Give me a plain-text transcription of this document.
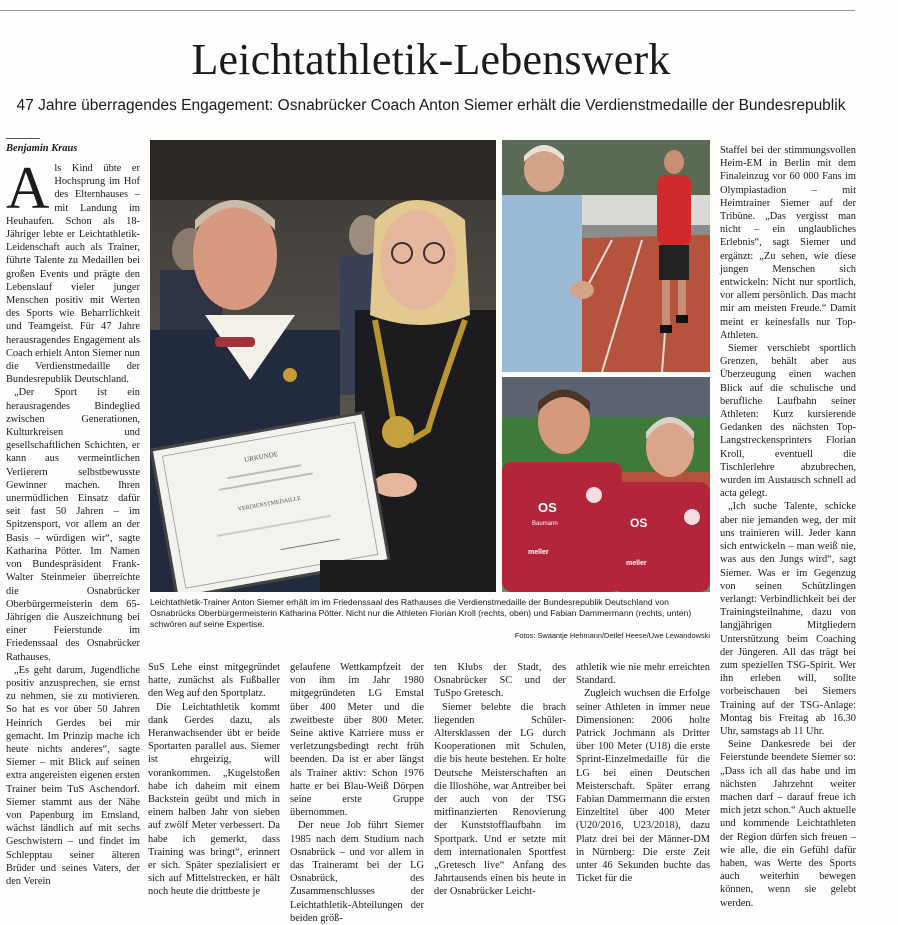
Leichtathletik-Lebenswerk

47 Jahre überragendes Engagement: Osnabrücker Coach Anton Siemer erhält die Verdienstmedaille der Bundesrepublik

Benjamin Kraus

Als Kind übte er Hochsprung im Hof des Elternhauses – mit Landung im Heuhaufen. Schon als 18-Jähriger lebte er Leichtathletik-Leidenschaft auch als Trainer, führte Talente zu Medaillen bei großen Events und prägte den Lebenslauf vieler junger Menschen positiv mit Werten des Sports wie Beharrlichkeit und Teamgeist. Für 47 Jahre herausragendes Engagement als Coach erhielt Anton Siemer nun die Verdienstmedaille der Bundesrepublik Deutschland.

„Der Sport ist ein herausragendes Bindeglied zwischen Generationen, Kulturkreisen und gesellschaftlichen Schichten, er kann aus vermeintlichen Verlierern selbstbewusste Gewinner machen. Ihren unermüdlichen Einsatz dafür seit fast 50 Jahren – im Spitzensport, vor allem an der Basis – würdigen wir“, sagte Katharina Pötter. Im Namen von Bundespräsident Frank-Walter Steinmeier überreichte die Osnabrücker Oberbürgermeisterin dem 65-Jährigen die Auszeichnung bei einer Feierstunde im Friedenssaal des Osnabrücker Rathauses.

„Es geht darum, Jugendliche positiv anzusprechen, sie ernst zu nehmen, sie zu motivieren. So hat es vor über 50 Jahren Heinrich Gerdes bei mir gemacht. Im Prinzip mache ich heute nichts anderes“, sagte Siemer – mit Blick auf seinen extra angereisten eigenen ersten Trainer beim TuS Aschendorf. Siemer stammt aus der Nähe von Papenburg im Emsland, wächst ländlich auf mit sechs Geschwistern – und findet im Schlepptau seiner älteren Brüder und seines Vaters, der den Verein

URKUNDE
VERDIENSTMEDAILLE	OS
Baumann
meller
OS
meller
Leichtathletik-Trainer Anton Siemer erhält im im Friedenssaal des Rathauses die Verdienstmedaille der Bundesrepublik Deutschland von Osnabrücks Oberbürgermeisterin Katharina Pötter. Nicht nur die Athleten Florian Kroll (rechts, oben) und Fabian Dammermann (rechts, unten) schwören auf seine Expertise.
Fotos: Swaantje Hehmann/Detlef Heese/Uwe Lewandowski

SuS Lehe einst mitgegründet hatte, zunächst als Fußballer den Weg auf den Sportplatz.

Die Leichtathletik kommt dank Gerdes dazu, als Heranwachsender übt er beide Sportarten parallel aus. Siemer ist ehrgeizig, will vorankommen. „Kugelstoßen habe ich daheim mit einem Backstein geübt und mich in einem halben Jahr von sieben auf zwölf Meter verbessert. Da habe ich gemerkt, dass Training was bringt“, erinnert er sich. Später spezialisiert er sich auf Mittelstrecken, er hält noch heute die drittbeste je

gelaufene Wettkampfzeit der von ihm im Jahr 1980 mitgegründeten LG Emstal über 400 Meter und die zweitbeste über 800 Meter. Seine aktive Karriere muss er verletzungsbedingt recht früh beenden. Da ist er aber längst als Trainer aktiv: Schon 1976 hatte er bei Blau-Weiß Dörpen seine erste Gruppe übernommen.

Der neue Job führt Siemer 1985 nach dem Studium nach Osnabrück – und vor allem in das Traineramt bei der LG Osnabrück, des Zusammenschlusses der Leichtathletik-Abteilungen der beiden größ-

ten Klubs der Stadt, des Osnabrücker SC und der TuSpo Gretesch.

Siemer belebte die brach liegenden Schüler-Altersklassen der LG durch Kooperationen mit Schulen, die bis heute bestehen. Er holte Deutsche Meisterschaften an die Illoshöhe, war Antreiber bei der auch von der TSG mitfinanzierten Renovierung der Kunststofflaufbahn im Sportpark. Und er setzte mit dem internationalen Sportfest „Gretesch live“ Anfang des Jahrtausends einen bis heute in der Osnabrücker Leicht-

athletik wie nie mehr erreichten Standard.

Zugleich wuchsen die Erfolge seiner Athleten in immer neue Dimensionen: 2006 holte Patrick Jochmann als Dritter über 100 Meter (U18) die erste Sprint-Einzelmedaille für die LG bei einen Deutschen Meisterschaft. Später errang Fabian Dammermann die ersten Einzeltitel über 400 Meter (U20/2016, U23/2018), dazu Platz drei bei der Männer-DM in Nürnberg: Die erste Zeit unter 46 Sekunden buchte das Ticket für die

Staffel bei der stimmungsvollen Heim-EM in Berlin mit dem Finaleinzug vor 60 000 Fans im Olympiastadion – mit Heimtrainer Siemer auf der Tribüne. „Das vergisst man nicht – ein unglaubliches Erlebnis“, sagt Siemer und ergänzt: „Zu sehen, wie diese jungen Menschen sich entwickeln: Nicht nur sportlich, vor allem persönlich. Das macht mir am meisten Freude.“ Damit meint er keinesfalls nur Top-Athleten.

Siemer verschiebt sportlich Grenzen, behält aber aus Überzeugung einen wachen Blick auf die schulische und berufliche Laufbahn seiner Athleten: Kurz kursierende Gedanken des nächsten Top-Langstreckensprinters Florian Kroll, eventuell die Tischlerlehre abzubrechen, wurden im Austausch schnell ad acta gelegt.

„Ich suche Talente, schicke aber nie jemanden weg, der mit uns trainieren will. Jeder kann sich entwickeln – man weiß nie, was aus den Jungs wird“, sagt Siemer. Was er im Gegenzug von seinen Schützlingen verlangt: Verbindlichkeit bei der Trainingsteilnahme, dazu von langjährigen Mitgliedern Unterstützung beim Coaching der Jüngeren. All das trägt bei zum speziellen TSG-Spirit. Wer ihn erleben will, sollte vorbeischauen bei Siemers Training auf der TSG-Anlage: Montag bis Freitag ab 16.30 Uhr, samstags ab 11 Uhr.

Seine Dankesrede bei der Feierstunde beendete Siemer so: „Dass ich all das habe und im nächsten Jahrzehnt weiter machen darf – darauf freue ich mich jetzt schon.“ Auch aktuelle und kommende Leichtathleten der Region dürfen sich freuen – wie alle, die ein Gefühl dafür haben, was Werte des Sports auch weiterhin bewegen können, wenn sie gelebt werden.
